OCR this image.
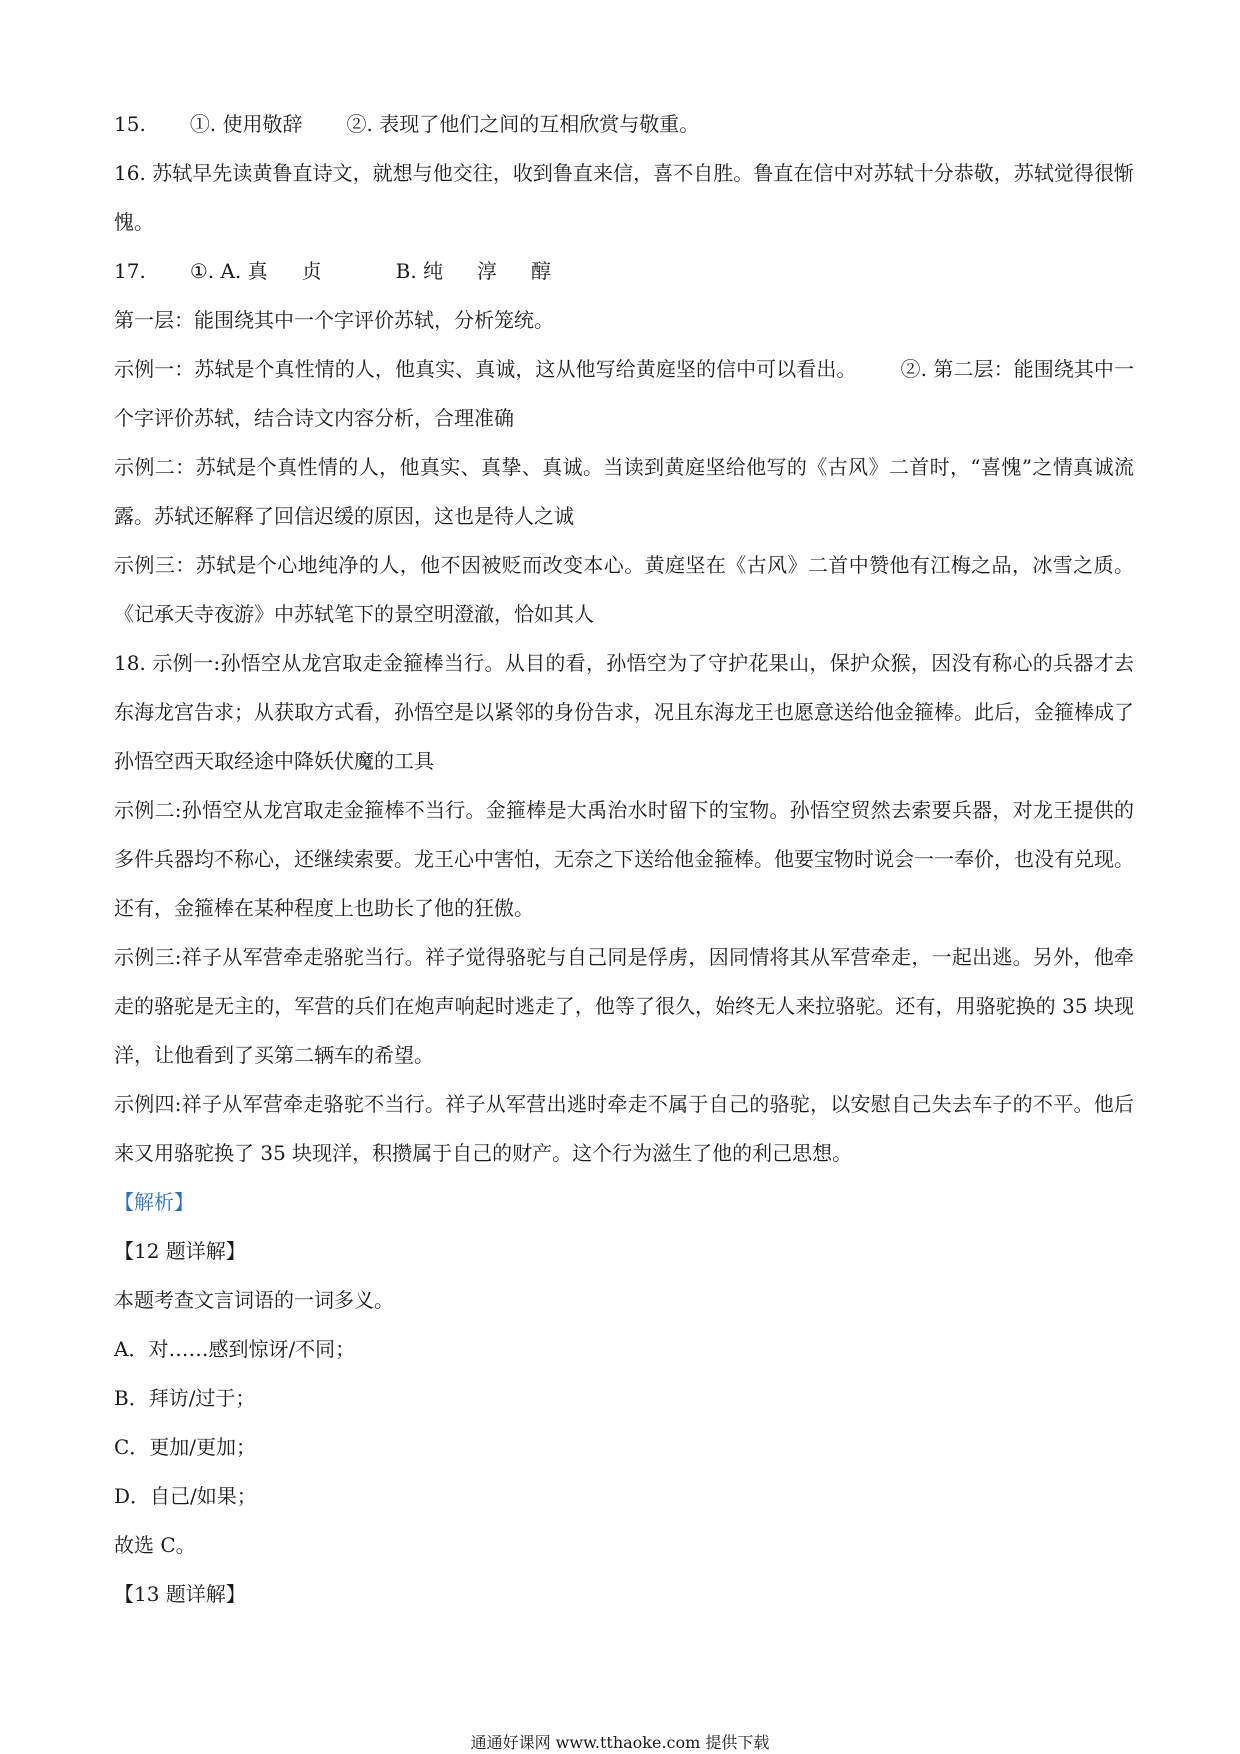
15. ①. 使用敬辞 ②. 表现了他们之间的互相欣赏与敬重。

16. 苏轼早先读黄鲁直诗文，就想与他交往，收到鲁直来信，喜不自胜。鲁直在信中对苏轼十分恭敬，苏轼觉得很惭愧。

17. ①. A. 真 贞	B. 纯 淳 醇

第一层：能围绕其中一个字评价苏轼，分析笼统。

示例一：苏轼是个真性情的人，他真实、真诚，这从他写给黄庭坚的信中可以看出。 ②. 第二层：能围绕其中一个字评价苏轼，结合诗文内容分析，合理准确

示例二：苏轼是个真性情的人，他真实、真挚、真诚。当读到黄庭坚给他写的《古风》二首时，“喜愧”之情真诚流露。苏轼还解释了回信迟缓的原因，这也是待人之诚

示例三：苏轼是个心地纯净的人，他不因被贬而改变本心。黄庭坚在《古风》二首中赞他有江梅之品，冰雪之质。《记承天寺夜游》中苏轼笔下的景空明澄澈，恰如其人

18. 示例一:孙悟空从龙宫取走金箍棒当行。从目的看，孙悟空为了守护花果山，保护众猴，因没有称心的兵器才去东海龙宫告求；从获取方式看，孙悟空是以紧邻的身份告求，况且东海龙王也愿意送给他金箍棒。此后，金箍棒成了孙悟空西天取经途中降妖伏魔的工具

示例二:孙悟空从龙宫取走金箍棒不当行。金箍棒是大禹治水时留下的宝物。孙悟空贸然去索要兵器，对龙王提供的多件兵器均不称心，还继续索要。龙王心中害怕，无奈之下送给他金箍棒。他要宝物时说会一一奉价，也没有兑现。还有，金箍棒在某种程度上也助长了他的狂傲。

示例三:祥子从军营牵走骆驼当行。祥子觉得骆驼与自己同是俘虏，因同情将其从军营牵走，一起出逃。另外，他牵走的骆驼是无主的，军营的兵们在炮声响起时逃走了，他等了很久，始终无人来拉骆驼。还有，用骆驼换的 35 块现洋，让他看到了买第二辆车的希望。

示例四:祥子从军营牵走骆驼不当行。祥子从军营出逃时牵走不属于自己的骆驼，以安慰自己失去车子的不平。他后来又用骆驼换了 35 块现洋，积攒属于自己的财产。这个行为滋生了他的利己思想。

【解析】

【12 题详解】

本题考查文言词语的一词多义。

A．对……感到惊讶/不同；

B．拜访/过于；

C．更加/更加；

D．自己/如果；

故选 C。

【13 题详解】

通通好课网 www.tthaoke.com 提供下载
